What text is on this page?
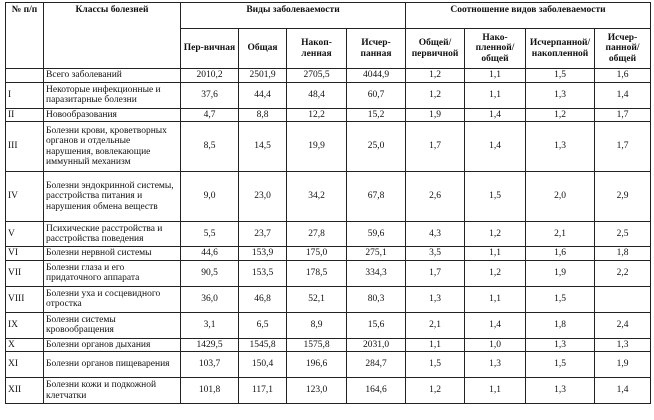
№ п/п	Классы болезней	Виды заболеваемости				Соотношение видов заболеваемости			
		Пер-вичная	Общая	Накоп-ленная	Исчер-панная	Общей/первичной	Нако-пленной/общей	Исчерпанной/накопленной	Исчер-панной/общей
	Всего заболеваний	2010,2	2501,9	2705,5	4044,9	1,2	1,1	1,5	1,6
I	Некоторые инфекционные и паразитарные болезни	37,6	44,4	48,4	60,7	1,2	1,1	1,3	1,4
II	Новообразования	4,7	8,8	12,2	15,2	1,9	1,4	1,2	1,7
III	Болезни крови, кроветворных органов и отдельные нарушения, вовлекающие иммунный механизм	8,5	14,5	19,9	25,0	1,7	1,4	1,3	1,7
IV	Болезни эндокринной системы, расстройства питания и нарушения обмена веществ	9,0	23,0	34,2	67,8	2,6	1,5	2,0	2,9
V	Психические расстройства и расстройства поведения	5,5	23,7	27,8	59,6	4,3	1,2	2,1	2,5
VI	Болезни нервной системы	44,6	153,9	175,0	275,1	3,5	1,1	1,6	1,8
VII	Болезни глаза и его придаточного аппарата	90,5	153,5	178,5	334,3	1,7	1,2	1,9	2,2
VIII	Болезни уха и сосцевидного отростка	36,0	46,8	52,1	80,3	1,3	1,1	1,5	
IX	Болезни системы кровообращения	3,1	6,5	8,9	15,6	2,1	1,4	1,8	2,4
X	Болезни органов дыхания	1429,5	1545,8	1575,8	2031,0	1,1	1,0	1,3	1,3
XI	Болезни органов пищеварения	103,7	150,4	196,6	284,7	1,5	1,3	1,5	1,9
XII	Болезни кожи и подкожной клетчатки	101,8	117,1	123,0	164,6	1,2	1,1	1,3	1,4
